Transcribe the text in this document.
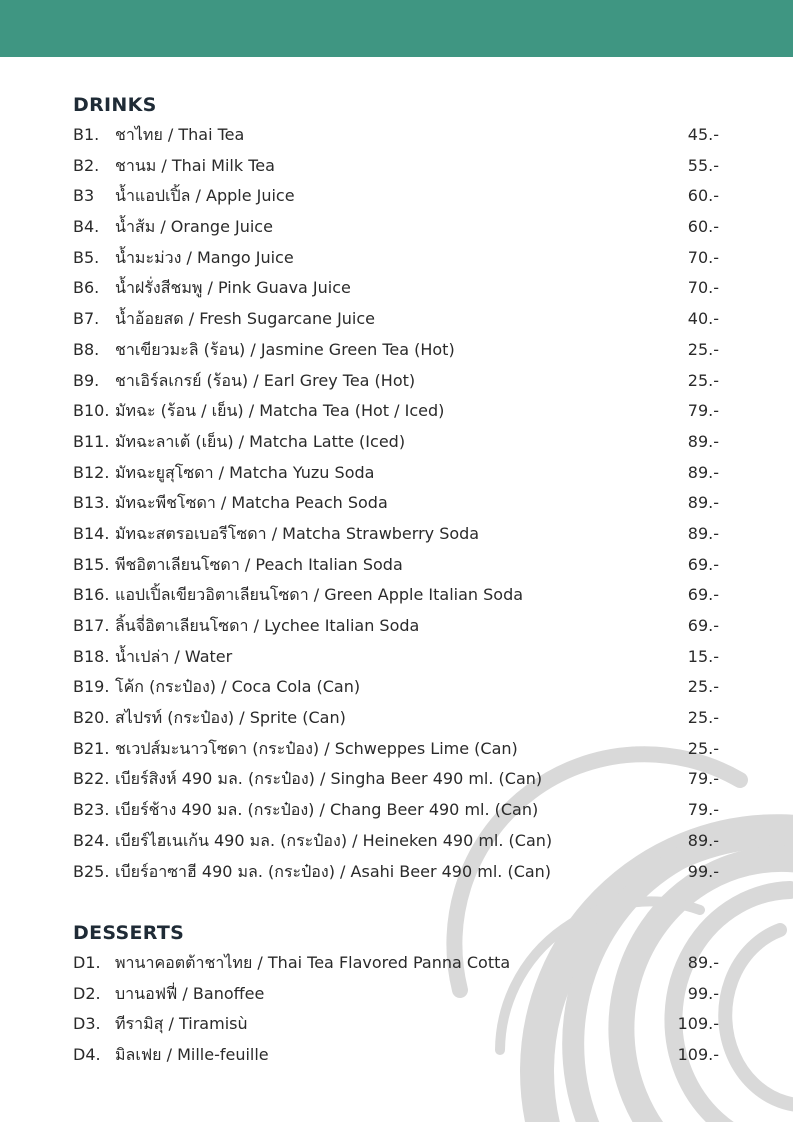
DRINKS
B1. ชาไทย / Thai Tea	45.-
B2. ชานม / Thai Milk Tea	55.-
B3 น้ำแอปเปิ้ล / Apple Juice	60.-
B4. น้ำส้ม / Orange Juice	60.-
B5. น้ำมะม่วง / Mango Juice	70.-
B6. น้ำฝรั่งสีชมพู / Pink Guava Juice	70.-
B7. น้ำอ้อยสด / Fresh Sugarcane Juice	40.-
B8. ชาเขียวมะลิ (ร้อน) / Jasmine Green Tea (Hot)	25.-
B9. ชาเอิร์ลเกรย์ (ร้อน) / Earl Grey Tea (Hot)	25.-
B10. มัทฉะ (ร้อน / เย็น) / Matcha Tea (Hot / Iced)	79.-
B11. มัทฉะลาเต้ (เย็น) / Matcha Latte (Iced)	89.-
B12. มัทฉะยูสุโซดา / Matcha Yuzu Soda	89.-
B13. มัทฉะพีชโซดา / Matcha Peach Soda	89.-
B14. มัทฉะสตรอเบอรีโซดา / Matcha Strawberry Soda	89.-
B15. พีชอิตาเลียนโซดา / Peach Italian Soda	69.-
B16. แอปเปิ้ลเขียวอิตาเลียนโซดา / Green Apple Italian Soda	69.-
B17. ลิ้นจี่อิตาเลียนโซดา / Lychee Italian Soda	69.-
B18. น้ำเปล่า / Water	15.-
B19. โค้ก (กระป๋อง) / Coca Cola (Can)	25.-
B20. สไปรท์ (กระป๋อง) / Sprite (Can)	25.-
B21. ชเวปส์มะนาวโซดา (กระป๋อง) / Schweppes Lime (Can)	25.-
B22. เบียร์สิงห์ 490 มล. (กระป๋อง) / Singha Beer 490 ml. (Can)	79.-
B23. เบียร์ช้าง 490 มล. (กระป๋อง) / Chang Beer 490 ml. (Can)	79.-
B24. เบียร์ไฮเนเก้น 490 มล. (กระป๋อง) / Heineken 490 ml. (Can)	89.-
B25. เบียร์อาซาฮี 490 มล. (กระป๋อง) / Asahi Beer 490 ml. (Can)	99.-
DESSERTS
D1. พานาคอตต้าชาไทย / Thai Tea Flavored Panna Cotta	89.-
D2. บานอฟฟี่ / Banoffee	99.-
D3. ทีรามิสุ / Tiramisù	109.-
D4. มิลเฟย / Mille-feuille	109.-
